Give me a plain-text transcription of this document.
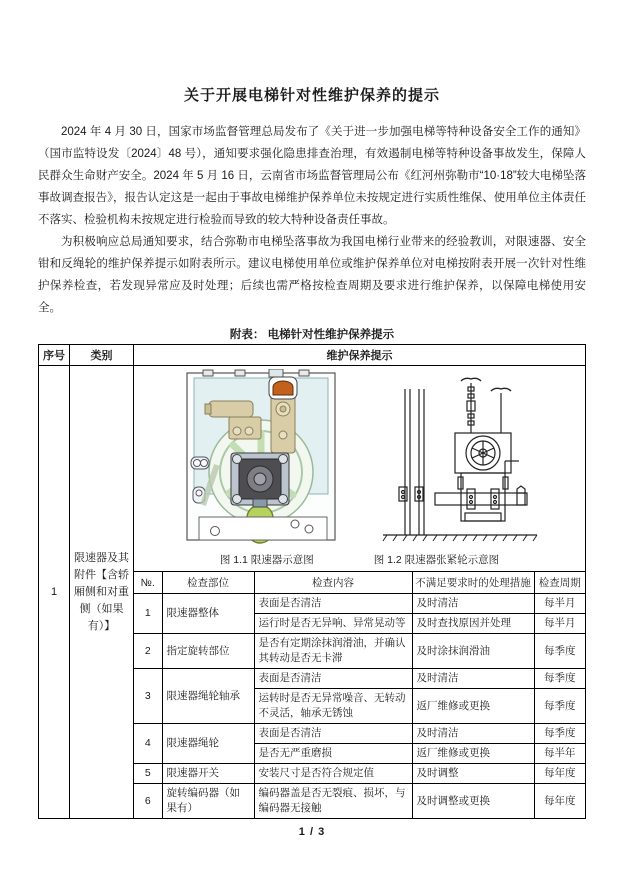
关于开展电梯针对性维护保养的提示

2024 年 4 月 30 日，国家市场监督管理总局发布了《关于进一步加强电梯等特种设备安全工作的通知》（国市监特设发〔2024〕48 号），通知要求强化隐患排查治理，有效遏制电梯等特种设备事故发生，保障人民群众生命财产安全。2024 年 5 月 16 日，云南省市场监督管理局公布《红河州弥勒市“10·18”较大电梯坠落事故调查报告》，报告认定这是一起由于事故电梯维护保养单位未按规定进行实质性维保、使用单位主体责任不落实、检验机构未按规定进行检验而导致的较大特种设备责任事故。

为积极响应总局通知要求，结合弥勒市电梯坠落事故为我国电梯行业带来的经验教训，对限速器、安全钳和反绳轮的维护保养提示如附表所示。建议电梯使用单位或维护保养单位对电梯按附表开展一次针对性维护保养检查，若发现异常应及时处理；后续也需严格按检查周期及要求进行维护保养，以保障电梯使用安全。

附表： 电梯针对性维护保养提示
序号	类别	维护保养提示
1	限速器及其附件【含轿厢侧和对重侧（如果有）】	
图 1.1 限速器示意图	图 1.2 限速器张紧轮示意图
№.	检查部位	检查内容	不满足要求时的处理措施	检查周期
1	限速器整体	表面是否清洁	及时清洁	每半月
运行时是否无异响、异常晃动等	及时查找原因并处理	每半月
2	指定旋转部位	是否有定期涂抹润滑油，并确认其转动是否无卡滞	及时涂抹润滑油	每季度
3	限速器绳轮轴承	表面是否清洁	及时清洁	每季度
运转时是否无异常噪音、无转动不灵活，轴承无锈蚀	返厂维修或更换	每季度
4	限速器绳轮	表面是否清洁	及时清洁	每季度
是否无严重磨损	返厂维修或更换	每半年
5	限速器开关	安装尺寸是否符合规定值	及时调整	每年度
6	旋转编码器（如果有）	编码器盖是否无裂痕、损坏，与编码器无接触	及时调整或更换	每年度
1 / 3
